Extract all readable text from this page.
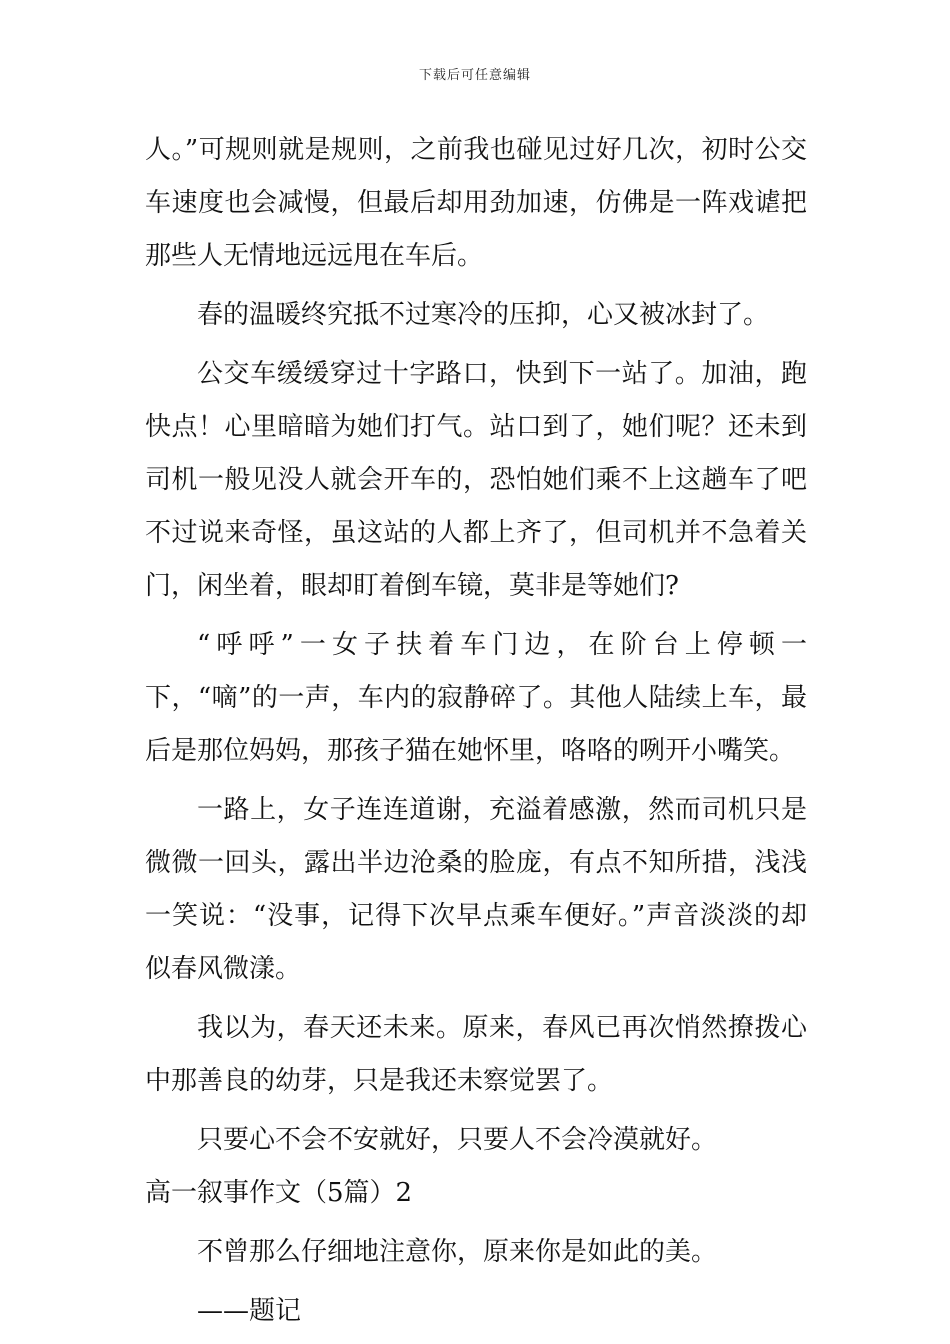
下载后可任意编辑

人。”可规则就是规则，之前我也碰见过好几次，初时公交车速度也会减慢，但最后却用劲加速，仿佛是一阵戏谑把那些人无情地远远甩在车后。

春的温暖终究抵不过寒冷的压抑，心又被冰封了。

公交车缓缓穿过十字路口，快到下一站了。加油，跑快点！心里暗暗为她们打气。站口到了，她们呢？还未到司机一般见没人就会开车的，恐怕她们乘不上这趟车了吧不过说来奇怪，虽这站的人都上齐了，但司机并不急着关门，闲坐着，眼却盯着倒车镜，莫非是等她们?

“呼呼”一女子扶着车门边，在阶台上停顿一下，“嘀”的一声，车内的寂静碎了。其他人陆续上车，最后是那位妈妈，那孩子猫在她怀里，咯咯的咧开小嘴笑。

一路上，女子连连道谢，充溢着感激，然而司机只是微微一回头，露出半边沧桑的脸庞，有点不知所措，浅浅一笑说：“没事，记得下次早点乘车便好。”声音淡淡的却似春风微漾。

我以为，春天还未来。原来，春风已再次悄然撩拨心中那善良的幼芽，只是我还未察觉罢了。

只要心不会不安就好，只要人不会冷漠就好。

高一叙事作文（5篇）2

不曾那么仔细地注意你，原来你是如此的美。

——题记
